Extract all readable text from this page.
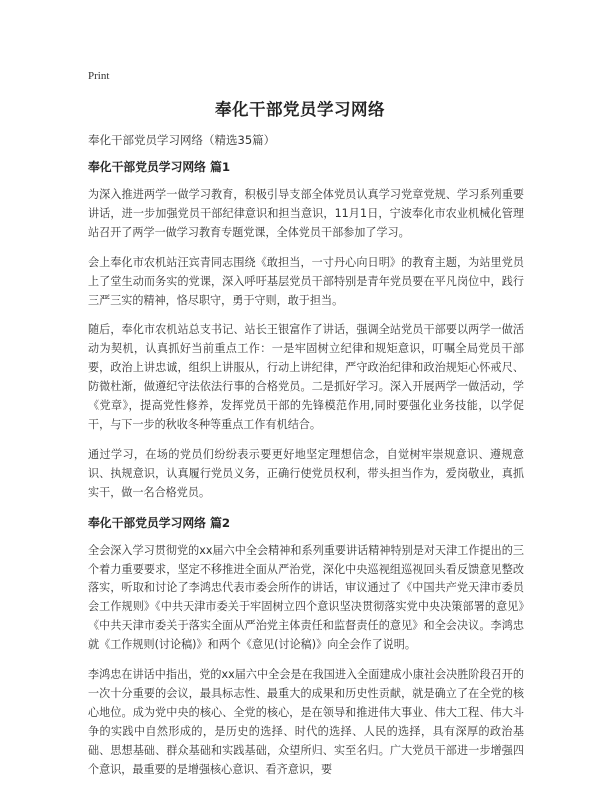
Print
奉化干部党员学习网络
奉化干部党员学习网络（精选35篇）
奉化干部党员学习网络 篇1

为深入推进两学一做学习教育，积极引导支部全体党员认真学习党章党规、学习系列重要讲话，进一步加强党员干部纪律意识和担当意识，11月1日，宁波奉化市农业机械化管理站召开了两学一做学习教育专题党课，全体党员干部参加了学习。

会上奉化市农机站汪宾青同志围绕《敢担当，一寸丹心向日明》的教育主题，为站里党员上了堂生动而务实的党课，深入呼吁基层党员干部特别是青年党员要在平凡岗位中，践行三严三实的精神，恪尽职守，勇于守则，敢于担当。

随后，奉化市农机站总支书记、站长王银富作了讲话，强调全站党员干部要以两学一做活动为契机，认真抓好当前重点工作：一是牢固树立纪律和规矩意识，叮嘱全局党员干部要，政治上讲忠诚，组织上讲服从，行动上讲纪律，严守政治纪律和政治规矩心怀戒尺、防微杜渐，做遵纪守法依法行事的合格党员。二是抓好学习。深入开展两学一做活动，学《党章》，提高党性修养，发挥党员干部的先锋模范作用,同时要强化业务技能，以学促干，与下一步的秋收冬种等重点工作有机结合。

通过学习，在场的党员们纷纷表示要更好地坚定理想信念，自觉树牢崇规意识、遵规意识、执规意识，认真履行党员义务，正确行使党员权利，带头担当作为，爱岗敬业，真抓实干，做一名合格党员。

奉化干部党员学习网络 篇2

全会深入学习贯彻党的xx届六中全会精神和系列重要讲话精神特别是对天津工作提出的三个着力重要要求，坚定不移推进全面从严治党，深化中央巡视组巡视回头看反馈意见整改落实，听取和讨论了李鸿忠代表市委会所作的讲话，审议通过了《中国共产党天津市委员会工作规则》《中共天津市委关于牢固树立四个意识坚决贯彻落实党中央决策部署的意见》《中共天津市委关于落实全面从严治党主体责任和监督责任的意见》和全会决议。李鸿忠就《工作规则(讨论稿)》和两个《意见(讨论稿)》向全会作了说明。

李鸿忠在讲话中指出，党的xx届六中全会是在我国进入全面建成小康社会决胜阶段召开的一次十分重要的会议，最具标志性、最重大的成果和历史性贡献，就是确立了在全党的核心地位。成为党中央的核心、全党的核心，是在领导和推进伟大事业、伟大工程、伟大斗争的实践中自然形成的，是历史的选择、时代的选择、人民的选择，具有深厚的政治基础、思想基础、群众基础和实践基础，众望所归、实至名归。广大党员干部进一步增强四个意识，最重要的是增强核心意识、看齐意识，要
